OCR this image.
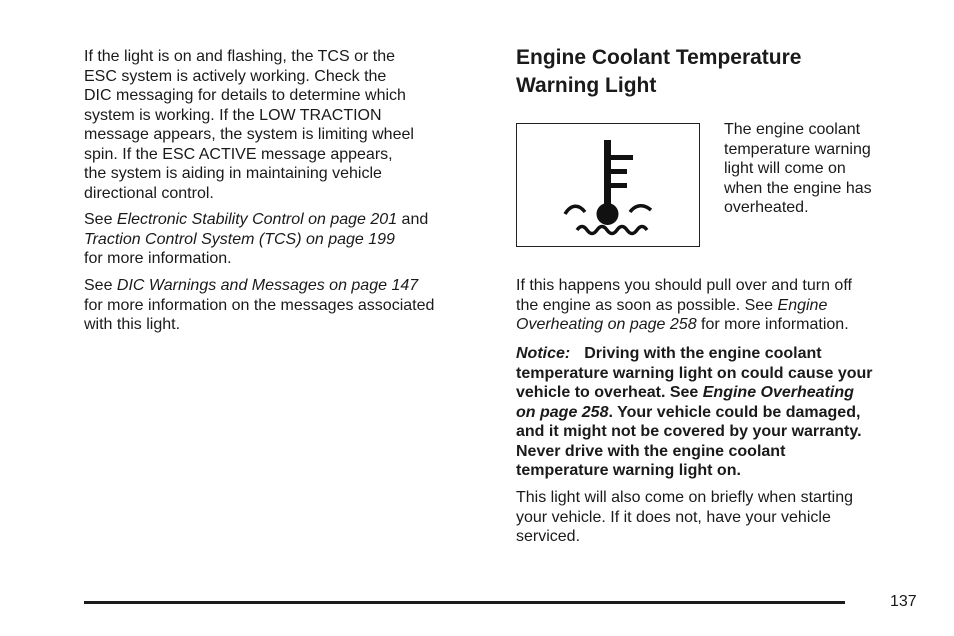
If the light is on and flashing, the TCS or the
ESC system is actively working. Check the
DIC messaging for details to determine which
system is working. If the LOW TRACTION
message appears, the system is limiting wheel
spin. If the ESC ACTIVE message appears,
the system is aiding in maintaining vehicle
directional control.
See Electronic Stability Control on page 201 and
Traction Control System (TCS) on page 199
for more information.
See DIC Warnings and Messages on page 147
for more information on the messages associated
with this light.
Engine Coolant Temperature
Warning Light
The engine coolant
temperature warning
light will come on
when the engine has
overheated.
If this happens you should pull over and turn off
the engine as soon as possible. See Engine
Overheating on page 258 for more information.
Notice: Driving with the engine coolant
temperature warning light on could cause your
vehicle to overheat. See Engine Overheating
on page 258. Your vehicle could be damaged,
and it might not be covered by your warranty.
Never drive with the engine coolant
temperature warning light on.
This light will also come on briefly when starting
your vehicle. If it does not, have your vehicle
serviced.
137
